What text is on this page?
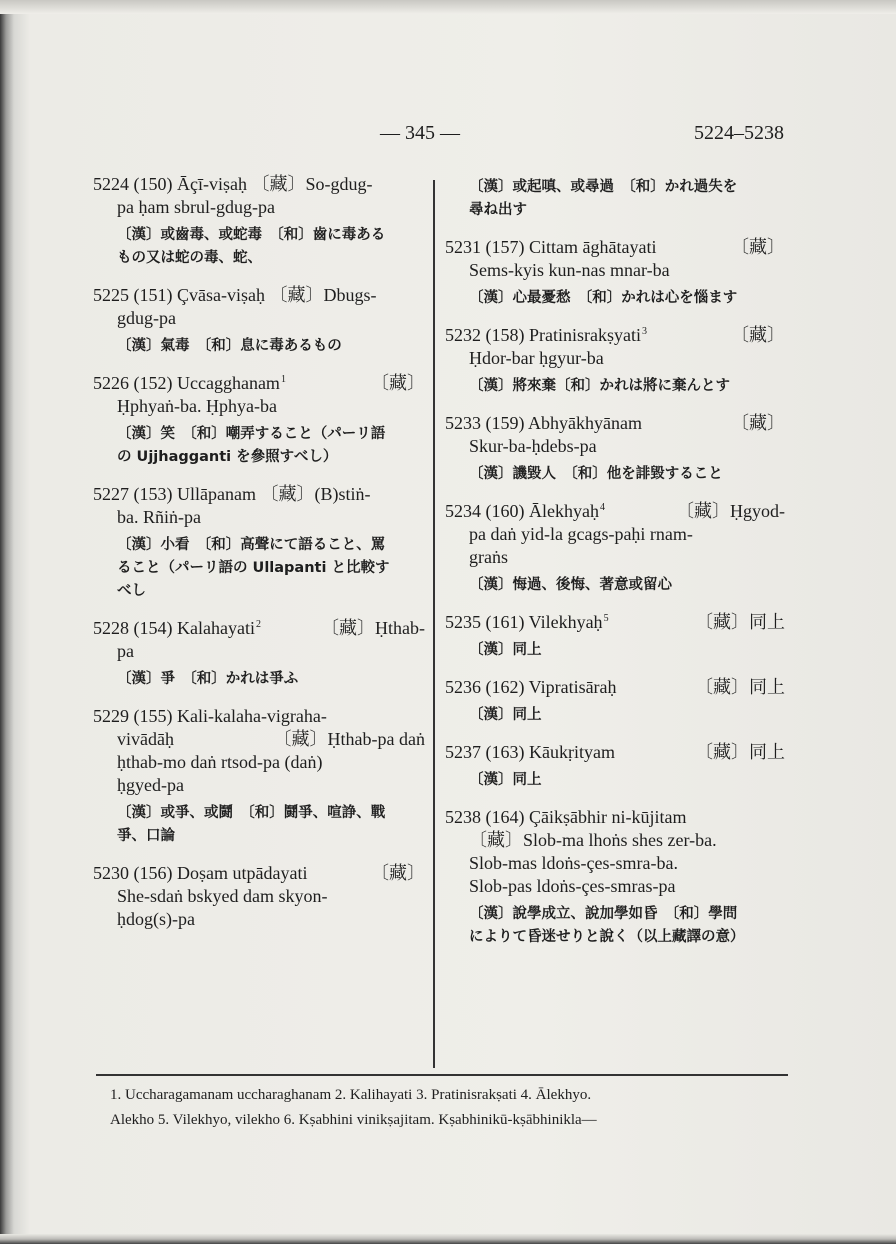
— 345 —	5224–5238
5224 (150) Āçī-viṣaḥ 〔藏〕So-gdug-
pa ḥam sbrul-gdug-pa
〔漢〕或齒毒、或蛇毒　〔和〕齒に毒ある
もの又は蛇の毒、蛇、
5225 (151) Çvāsa-viṣaḥ 〔藏〕Dbugs-
gdug-pa
〔漢〕氣毒　〔和〕息に毒あるもの
5226 (152) Uccagghanam$^1$	〔藏〕
Ḥphyaṅ-ba. Ḥphya-ba
〔漢〕笑　〔和〕嘲弄すること（パーリ語
の Ujjhagganti を參照すべし）
5227 (153) Ullāpanam 〔藏〕(B)stiṅ-
ba. Rñiṅ-pa
〔漢〕小看　〔和〕高聲にて語ること、罵
ること（パーリ語の Ullapanti と比較す
べし
5228 (154) Kalahayati$^2$	〔藏〕Ḥthab-
pa
〔漢〕爭　〔和〕かれは爭ふ
5229 (155) Kali-kalaha-vigraha-
vivādāḥ	〔藏〕Ḥthab-pa daṅ
ḥthab-mo daṅ rtsod-pa (daṅ)
ḥgyed-pa
〔漢〕或爭、或鬪　〔和〕鬪爭、喧諍、戰
爭、口論
5230 (156) Doṣam utpādayati	〔藏〕
She-sdaṅ bskyed dam skyon-
ḥdog(s)-pa
〔漢〕或起嗔、或尋過　〔和〕かれ過失を
尋ね出す
5231 (157) Cittam āghātayati	〔藏〕
Sems-kyis kun-nas mnar-ba
〔漢〕心最憂愁　〔和〕かれは心を惱ます
5232 (158) Pratinisrakṣyati$^3$	〔藏〕
Ḥdor-bar ḥgyur-ba
〔漢〕將來棄〔和〕かれは將に棄んとす
5233 (159) Abhyākhyānam	〔藏〕
Skur-ba-ḥdebs-pa
〔漢〕譏毀人　〔和〕他を誹毀すること
5234 (160) Ālekhyaḥ$^4$	〔藏〕Ḥgyod-
pa daṅ yid-la gcags-paḥi rnam-
graṅs
〔漢〕悔過、後悔、著意或留心
5235 (161) Vilekhyaḥ$^5$	〔藏〕同上
〔漢〕同上
5236 (162) Vipratisāraḥ	〔藏〕同上
〔漢〕同上
5237 (163) Kāukṛityam	〔藏〕同上
〔漢〕同上
5238 (164) Çāikṣābhir ni-kūjitam
〔藏〕Slob-ma lhoṅs shes zer-ba.
Slob-mas ldoṅs-çes-smra-ba.
Slob-pas ldoṅs-çes-smras-pa
〔漢〕說學成立、說加學如昏　〔和〕學問
によりて昏迷せりと說く（以上藏譯の意）
1. Uccharagamanam uccharaghanam 2. Kalihayati 3. Pratinisrakṣati 4. Ālekhyo.
Alekho 5. Vilekhyo, vilekho 6. Kṣabhini vinikṣajitam. Kṣabhinikū-kṣābhinikla—
